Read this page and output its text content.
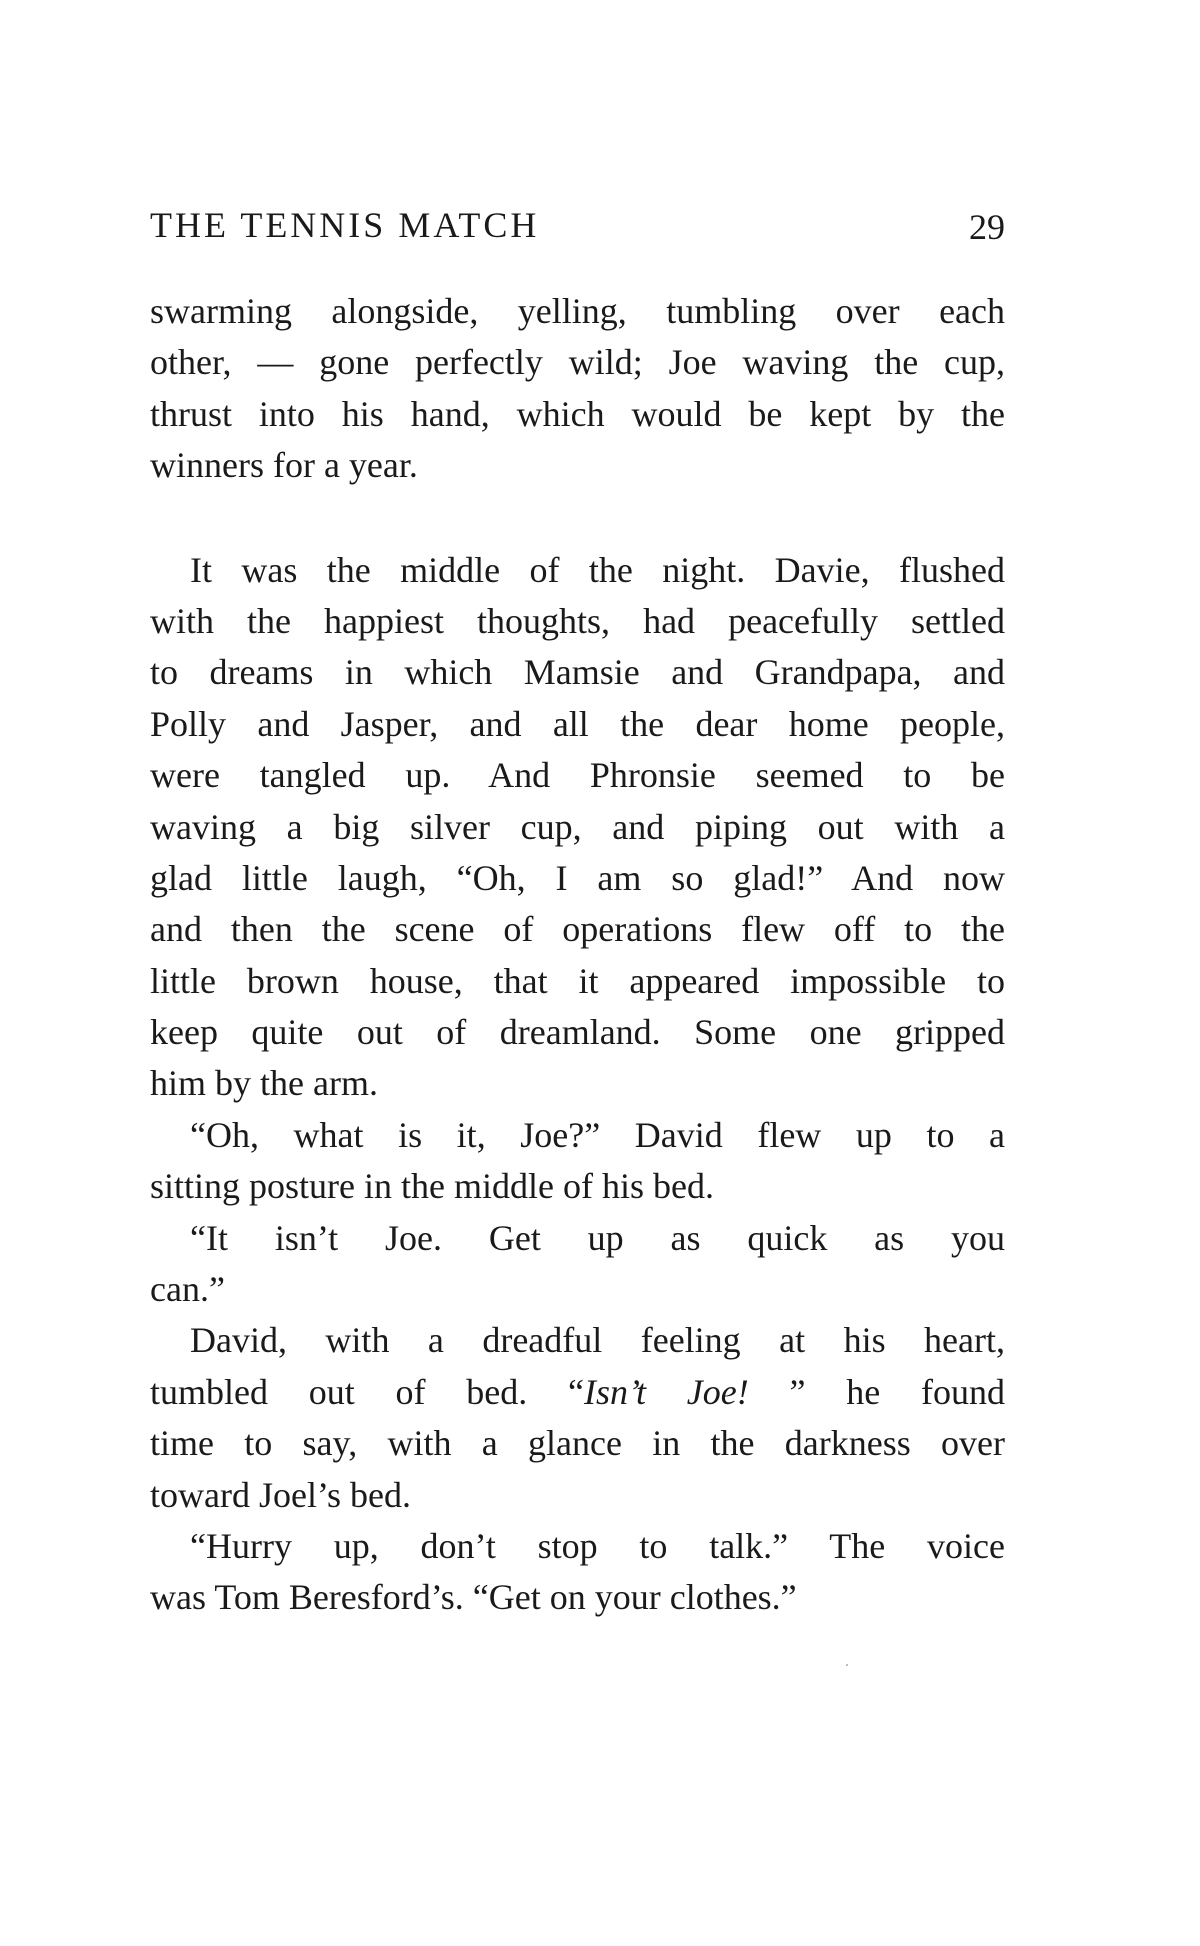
THE TENNIS MATCH	29
swarming alongside, yelling, tumbling over each
other, — gone perfectly wild; Joe waving the cup,
thrust into his hand, which would be kept by the
winners for a year.
It was the middle of the night. Davie, flushed
with the happiest thoughts, had peacefully settled
to dreams in which Mamsie and Grandpapa, and
Polly and Jasper, and all the dear home people,
were tangled up. And Phronsie seemed to be
waving a big silver cup, and piping out with a
glad little laugh, “Oh, I am so glad!” And now
and then the scene of operations flew off to the
little brown house, that it appeared impossible to
keep quite out of dreamland. Some one gripped
him by the arm.
“Oh, what is it, Joe?” David flew up to a
sitting posture in the middle of his bed.
“It isn’t Joe. Get up as quick as you
can.”
David, with a dreadful feeling at his heart,
tumbled out of bed. “Isn’t Joe! ” he found
time to say, with a glance in the darkness over
toward Joel’s bed.
“Hurry up, don’t stop to talk.” The voice
was Tom Beresford’s. “Get on your clothes.”
